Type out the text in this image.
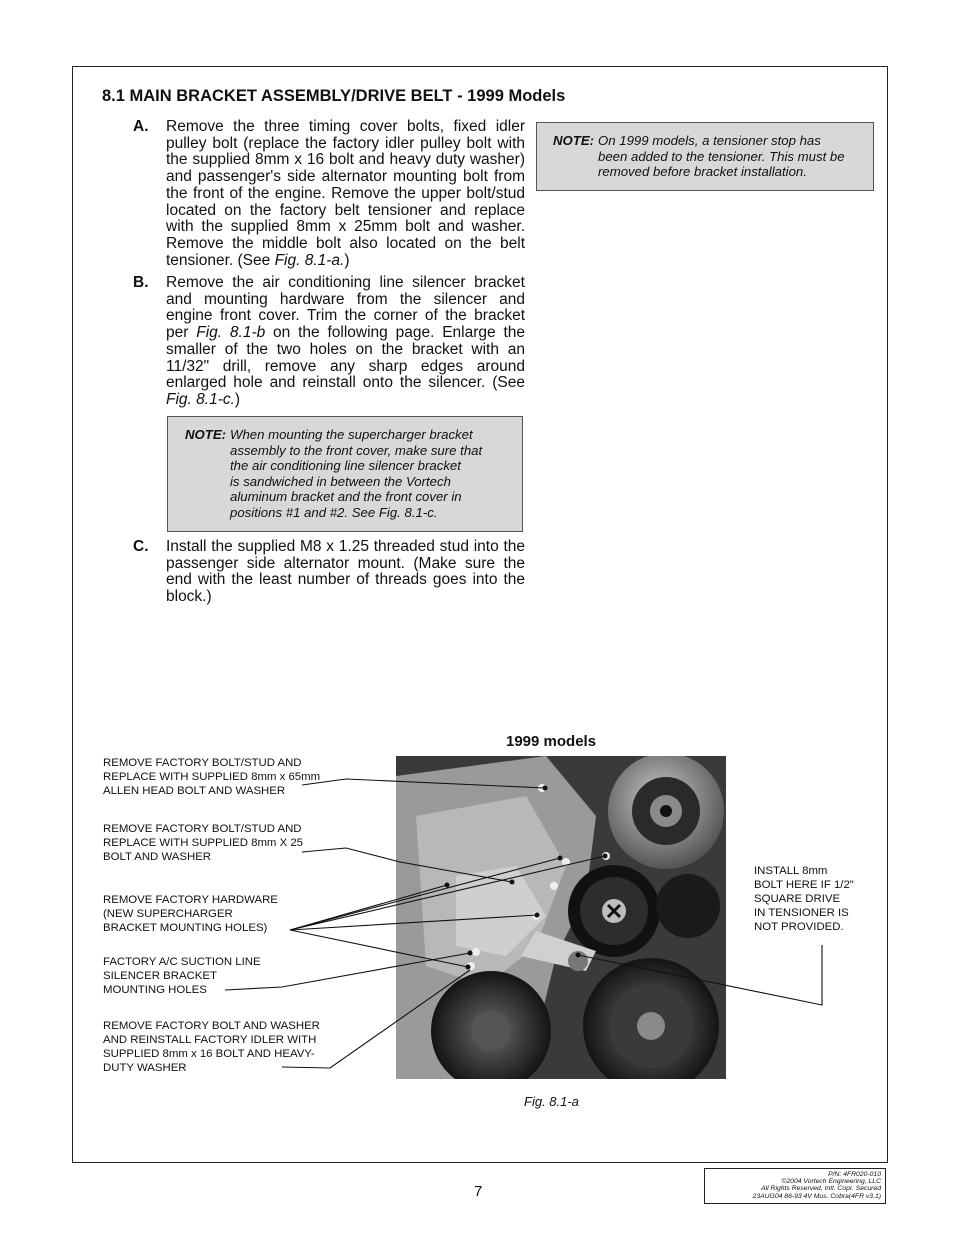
8.1 MAIN BRACKET ASSEMBLY/DRIVE BELT - 1999 Models
A. Remove the three timing cover bolts, fixed idler pulley bolt (replace the factory idler pulley bolt with the supplied 8mm x 16 bolt and heavy duty washer) and passenger's side alternator mounting bolt from the front of the engine. Remove the upper bolt/stud located on the factory belt tensioner and replace with the supplied 8mm x 25mm bolt and washer. Remove the middle bolt also located on the belt tensioner. (See Fig. 8.1-a.)
B. Remove the air conditioning line silencer bracket and mounting hardware from the silencer and engine front cover. Trim the corner of the bracket per Fig. 8.1-b on the following page. Enlarge the smaller of the two holes on the bracket with an 11/32" drill, remove any sharp edges around enlarged hole and reinstall onto the silencer. (See Fig. 8.1-c.)
NOTE: When mounting the supercharger bracket
assembly to the front cover, make sure that
the air conditioning line silencer bracket
is sandwiched in between the Vortech
aluminum bracket and the front cover in
positions #1 and #2. See Fig. 8.1-c.
C. Install the supplied M8 x 1.25 threaded stud into the passenger side alternator mount. (Make sure the end with the least number of threads goes into the block.)
NOTE: On 1999 models, a tensioner stop has
been added to the tensioner. This must be
removed before bracket installation.
1999 models
REMOVE FACTORY BOLT/STUD AND
REPLACE WITH SUPPLIED 8mm x 65mm
ALLEN HEAD BOLT AND WASHER
REMOVE FACTORY BOLT/STUD AND
REPLACE WITH SUPPLIED 8mm X 25
BOLT AND WASHER
REMOVE FACTORY HARDWARE
(NEW SUPERCHARGER
BRACKET MOUNTING HOLES)
FACTORY A/C SUCTION LINE
SILENCER BRACKET
MOUNTING HOLES
REMOVE FACTORY BOLT AND WASHER
AND REINSTALL FACTORY IDLER WITH
SUPPLIED 8mm x 16 BOLT AND HEAVY-
DUTY WASHER
INSTALL 8mm
BOLT HERE IF 1/2"
SQUARE DRIVE
IN TENSIONER IS
NOT PROVIDED.
Fig. 8.1-a
7
P/N: 4FR020-010
©2004 Vortech Engineering, LLC
All Rights Reserved, Intl. Copr. Secured
23AUG04 86-93 4V Mus. Cobra(4FR v3.1)
